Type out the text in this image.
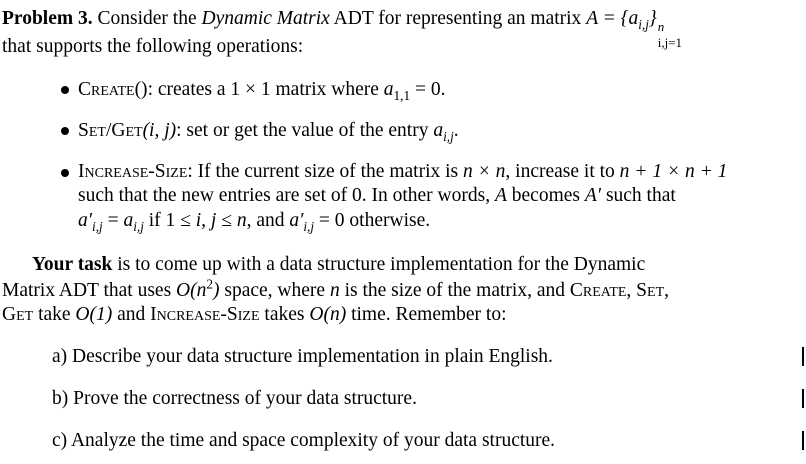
Problem 3. Consider the Dynamic Matrix ADT for representing an matrix $A = \{a_{i,j}\}$ n
i,j=1
that supports the following operations:
Create(): creates a 1 × 1 matrix where $a_{1,1} = 0$.
Set/Get(i, j): set or get the value of the entry $a_{i,j}$.
Increase-Size: If the current size of the matrix is n × n, increase it to n + 1 × n + 1
such that the new entries are set of 0. In other words, A becomes A′ such that
$a'_{i,j} = a_{i,j}$ if 1 ≤ i, j ≤ n, and $a'_{i,j} = 0$ otherwise.
Your task is to come up with a data structure implementation for the Dynamic
Matrix ADT that uses $O(n^2)$ space, where n is the size of the matrix, and Create, Set,
Get take O(1) and Increase-Size takes O(n) time. Remember to:
a) Describe your data structure implementation in plain English.
b) Prove the correctness of your data structure.
c) Analyze the time and space complexity of your data structure.
